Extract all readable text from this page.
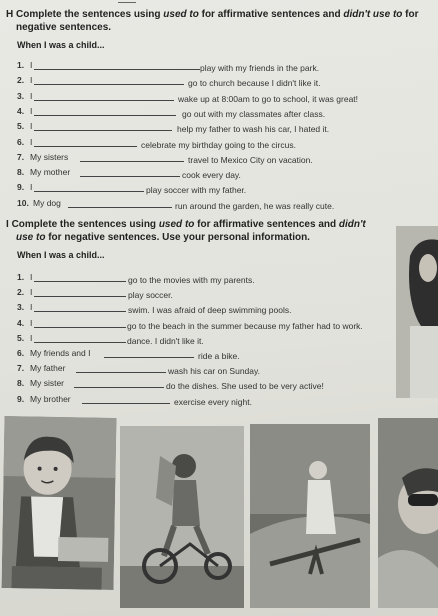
H Complete the sentences using used to for affirmative sentences and didn't use to for
negative sentences.
When I was a child...
1. I	play with my friends in the park.
2. I	go to church because I didn't like it.
3. I	wake up at 8:00am to go to school, it was great!
4. I	go out with my classmates after class.
5. I	help my father to wash his car, I hated it.
6. I	celebrate my birthday going to the circus.
7. My sisters	travel to Mexico City on vacation.
8. My mother	cook every day.
9. I	play soccer with my father.
10. My dog	run around the garden, he was really cute.
I Complete the sentences using used to for affirmative sentences and didn't
use to for negative sentences. Use your personal information.
When I was a child...
1. I	go to the movies with my parents.
2. I	play soccer.
3. I	swim. I was afraid of deep swimming pools.
4. I	go to the beach in the summer because my father had to work.
5. I	dance. I didn't like it.
6. My friends and I	ride a bike.
7. My father	wash his car on Sunday.
8. My sister	do the dishes. She used to be very active!
9. My brother	exercise every night.
